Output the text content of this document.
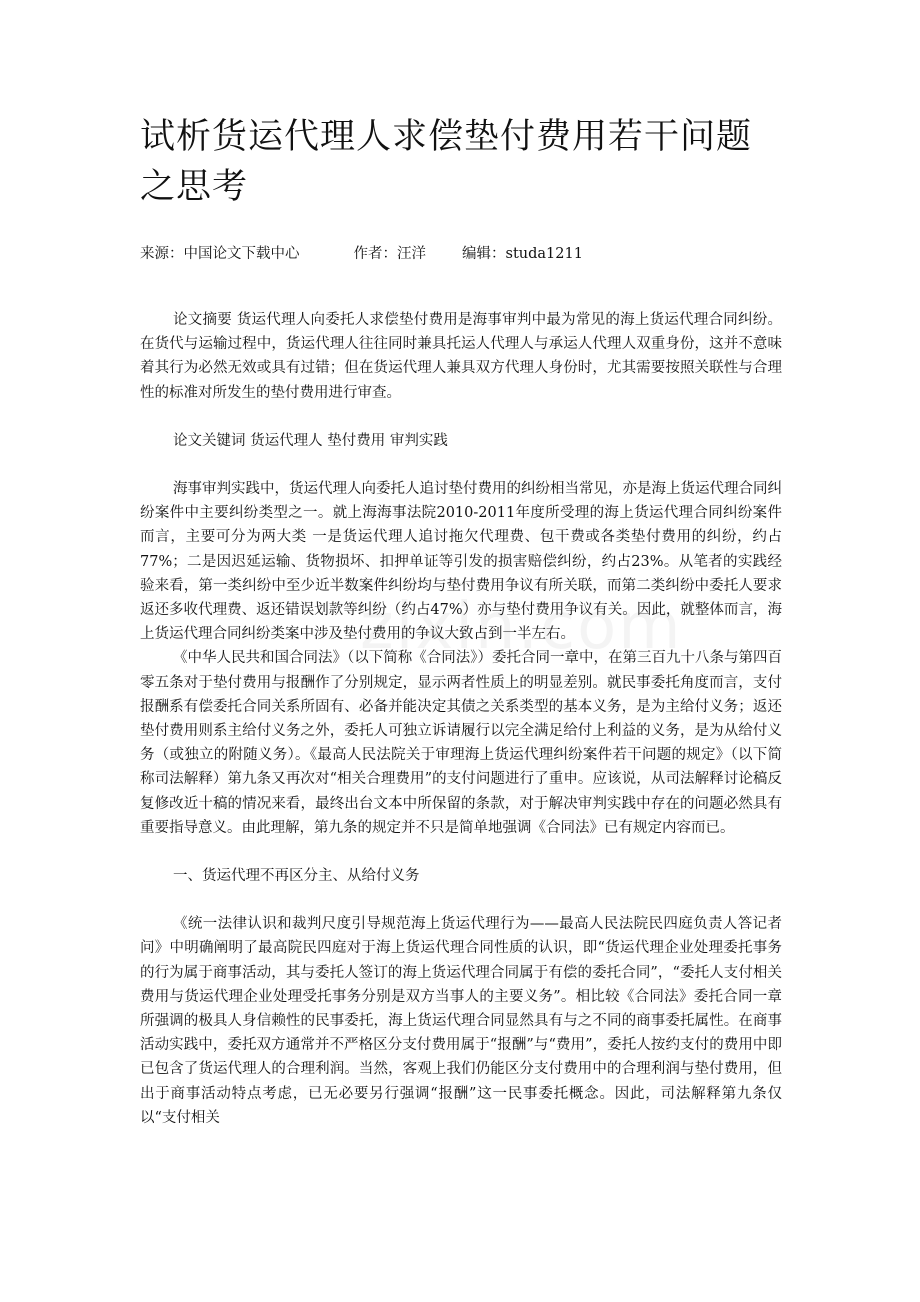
试析货运代理人求偿垫付费用若干问题之思考
来源：中国论文下载中心	作者：汪洋 编辑：studa1211

论文摘要 货运代理人向委托人求偿垫付费用是海事审判中最为常见的海上货运代理合同纠纷。在货代与运输过程中，货运代理人往往同时兼具托运人代理人与承运人代理人双重身份，这并不意味着其行为必然无效或具有过错；但在货运代理人兼具双方代理人身份时，尤其需要按照关联性与合理性的标准对所发生的垫付费用进行审查。

论文关键词 货运代理人 垫付费用 审判实践

海事审判实践中，货运代理人向委托人追讨垫付费用的纠纷相当常见，亦是海上货运代理合同纠纷案件中主要纠纷类型之一。就上海海事法院2010-2011年度所受理的海上货运代理合同纠纷案件而言，主要可分为两大类 一是货运代理人追讨拖欠代理费、包干费或各类垫付费用的纠纷，约占77%；二是因迟延运输、货物损坏、扣押单证等引发的损害赔偿纠纷，约占23%。从笔者的实践经验来看，第一类纠纷中至少近半数案件纠纷均与垫付费用争议有所关联，而第二类纠纷中委托人要求返还多收代理费、返还错误划款等纠纷（约占47%）亦与垫付费用争议有关。因此，就整体而言，海上货运代理合同纠纷类案中涉及垫付费用的争议大致占到一半左右。

《中华人民共和国合同法》（以下简称《合同法》）委托合同一章中，在第三百九十八条与第四百零五条对于垫付费用与报酬作了分别规定，显示两者性质上的明显差别。就民事委托角度而言，支付报酬系有偿委托合同关系所固有、必备并能决定其债之关系类型的基本义务，是为主给付义务；返还垫付费用则系主给付义务之外，委托人可独立诉请履行以完全满足给付上利益的义务，是为从给付义务（或独立的附随义务）。《最高人民法院关于审理海上货运代理纠纷案件若干问题的规定》（以下简称司法解释）第九条又再次对“相关合理费用”的支付问题进行了重申。应该说，从司法解释讨论稿反复修改近十稿的情况来看，最终出台文本中所保留的条款，对于解决审判实践中存在的问题必然具有重要指导意义。由此理解，第九条的规定并不只是简单地强调《合同法》已有规定内容而已。

一、货运代理不再区分主、从给付义务

《统一法律认识和裁判尺度引导规范海上货运代理行为——最高人民法院民四庭负责人答记者问》中明确阐明了最高院民四庭对于海上货运代理合同性质的认识，即“货运代理企业处理委托事务的行为属于商事活动，其与委托人签订的海上货运代理合同属于有偿的委托合同”，“委托人支付相关费用与货运代理企业处理受托事务分别是双方当事人的主要义务”。相比较《合同法》委托合同一章所强调的极具人身信赖性的民事委托，海上货运代理合同显然具有与之不同的商事委托属性。在商事活动实践中，委托双方通常并不严格区分支付费用属于“报酬”与“费用”，委托人按约支付的费用中即已包含了货运代理人的合理利润。当然，客观上我们仍能区分支付费用中的合理利润与垫付费用，但出于商事活动特点考虑，已无必要另行强调“报酬”这一民事委托概念。因此，司法解释第九条仅以“支付相关
